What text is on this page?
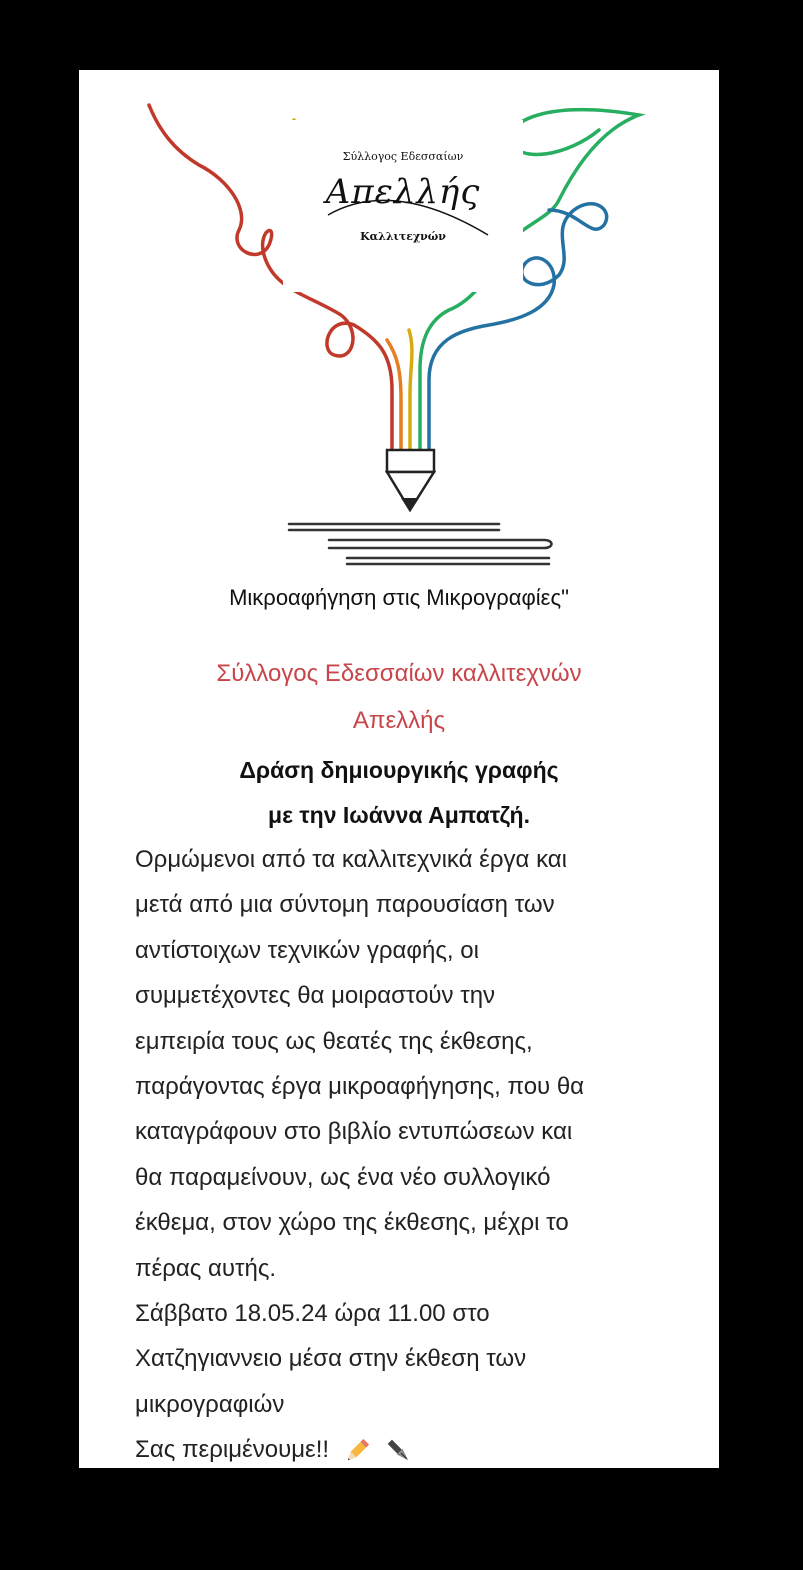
Σύλλογος Εδεσσαίων
Απελλής
Καλλιτεχνών
Μικροαφήγηση στις Μικρογραφίες"
Σύλλογος Εδεσσαίων καλλιτεχνών
Απελλής
Δράση δημιουργικής γραφής
με την Ιωάννα Αμπατζή.
Ορμώμενοι από τα καλλιτεχνικά έργα και
μετά από μια σύντομη παρουσίαση των
αντίστοιχων τεχνικών γραφής, οι
συμμετέχοντες θα μοιραστούν την
εμπειρία τους ως θεατές της έκθεσης,
παράγοντας έργα μικροαφήγησης, που θα
καταγράφουν στο βιβλίο εντυπώσεων και
θα παραμείνουν, ως ένα νέο συλλογικό
έκθεμα, στον χώρο της έκθεσης, μέχρι το
πέρας αυτής.
Σάββατο 18.05.24 ώρα 11.00 στο
Χατζηγιαννειο μέσα στην έκθεση των
μικρογραφιών
Σας περιμένουμε!!
